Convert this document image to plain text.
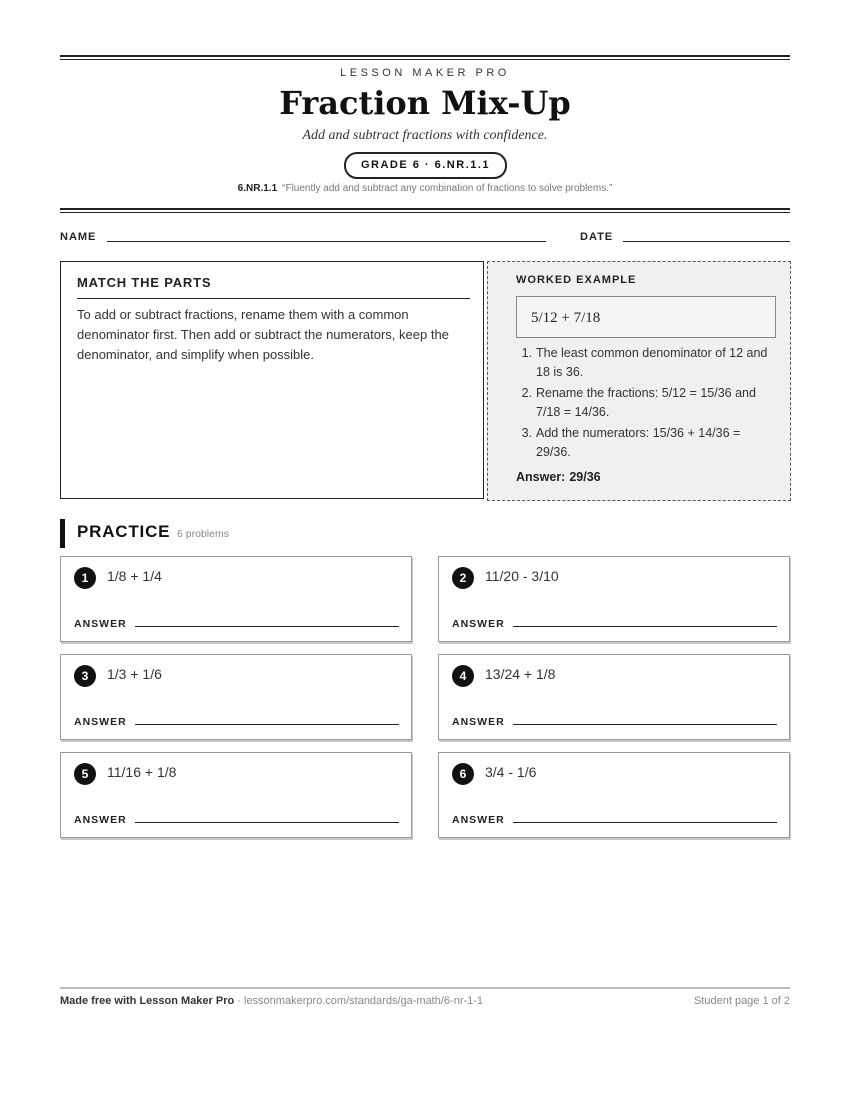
LESSON MAKER PRO
Fraction Mix-Up
Add and subtract fractions with confidence.
GRADE 6 · 6.NR.1.1
6.NR.1.1 “Fluently add and subtract any combination of fractions to solve problems.”
NAME	DATE
MATCH THE PARTS
To add or subtract fractions, rename them with a common denominator first. Then add or subtract the numerators, keep the denominator, and simplify when possible.
WORKED EXAMPLE
5/12 + 7/18
1. The least common denominator of 12 and 18 is 36.
2. Rename the fractions: 5/12 = 15/36 and 7/18 = 14/36.
3. Add the numerators: 15/36 + 14/36 = 29/36.
Answer: 29/36
PRACTICE 6 problems
1	1/8 + 1/4
ANSWER
2	11/20 - 3/10
ANSWER
3	1/3 + 1/6
ANSWER
4	13/24 + 1/8
ANSWER
5	11/16 + 1/8
ANSWER
6	3/4 - 1/6
ANSWER
Made free with Lesson Maker Pro · lessonmakerpro.com/standards/ga-math/6-nr-1-1	Student page 1 of 2
